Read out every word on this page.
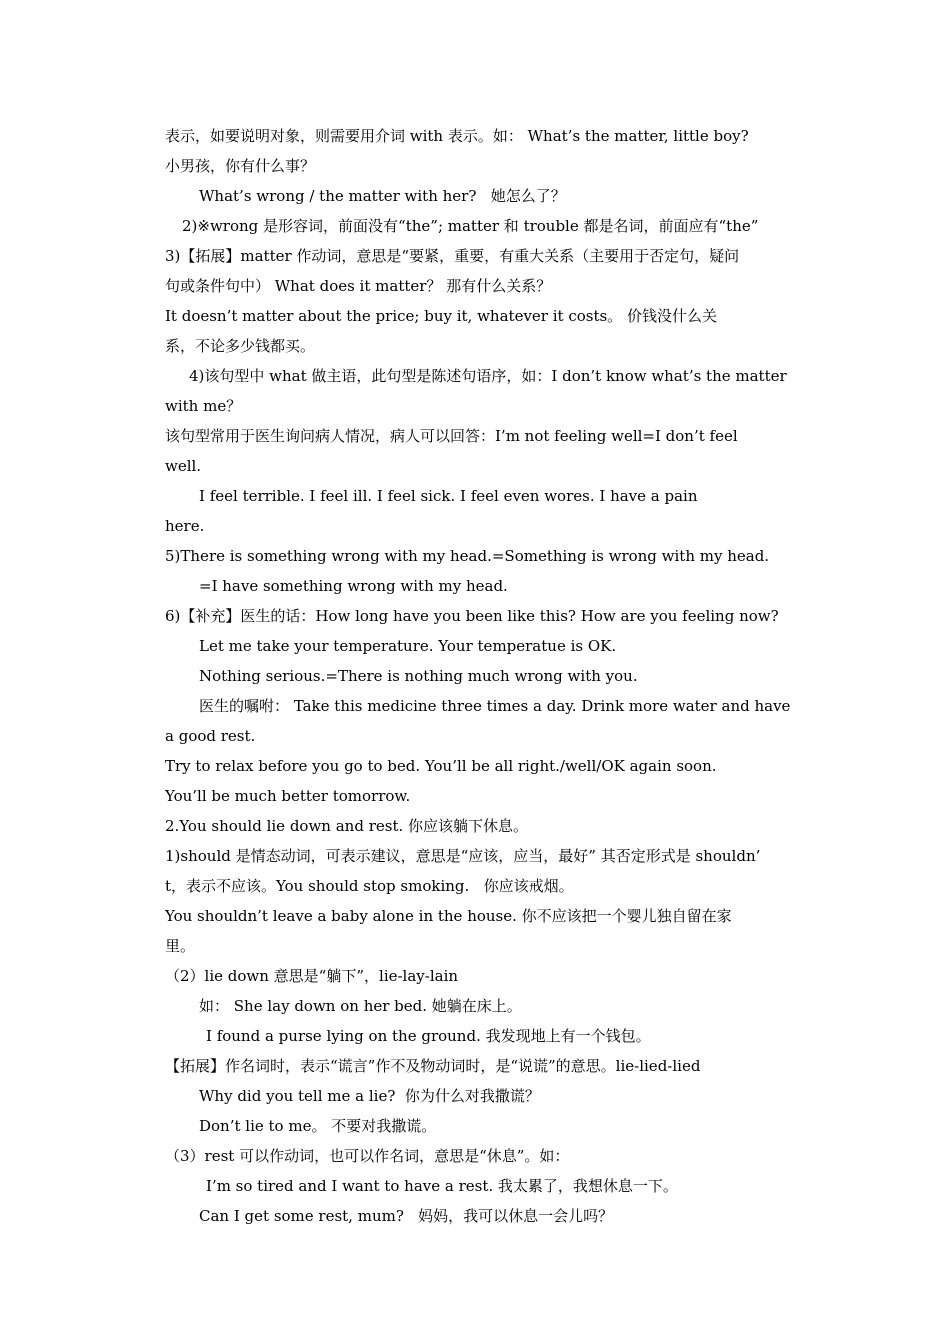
表示，如要说明对象，则需要用介词 with 表示。如： What’s the matter, little boy?
小男孩，你有什么事？
What’s wrong / the matter with her?   她怎么了？
2)※wrong 是形容词，前面没有“the”; matter 和 trouble 都是名词，前面应有“the”
3)【拓展】matter 作动词，意思是“要紧，重要，有重大关系（主要用于否定句，疑问
句或条件句中） What does it matter？ 那有什么关系？
It doesn’t matter about the price; buy it, whatever it costs。 价钱没什么关
系，不论多少钱都买。
4)该句型中 what 做主语，此句型是陈述句语序，如：I don’t know what’s the matter
with me？
该句型常用于医生询问病人情况，病人可以回答：I’m not feeling well=I don’t feel
well.
I feel terrible. I feel ill. I feel sick. I feel even wores. I have a pain
here.
5)There is something wrong with my head.=Something is wrong with my head.
=I have something wrong with my head.
6)【补充】医生的话：How long have you been like this? How are you feeling now?
Let me take your temperature. Your temperatue is OK.
Nothing serious.=There is nothing much wrong with you.
医生的嘱咐： Take this medicine three times a day. Drink more water and have
a good rest.
Try to relax before you go to bed. You’ll be all right./well/OK again soon.
You’ll be much better tomorrow.
2.You should lie down and rest. 你应该躺下休息。
1)should 是情态动词，可表示建议，意思是“应该，应当，最好” 其否定形式是 shouldn’
t，表示不应该。You should stop smoking.   你应该戒烟。
You shouldn’t leave a baby alone in the house. 你不应该把一个婴儿独自留在家
里。
（2）lie down 意思是“躺下”，lie-lay-lain
如： She lay down on her bed. 她躺在床上。
I found a purse lying on the ground. 我发现地上有一个钱包。
【拓展】作名词时，表示“谎言”作不及物动词时，是“说谎”的意思。lie-lied-lied
Why did you tell me a lie?  你为什么对我撒谎？
Don’t lie to me。 不要对我撒谎。
（3）rest 可以作动词，也可以作名词，意思是“休息”。如：
I’m so tired and I want to have a rest. 我太累了，我想休息一下。
Can I get some rest, mum?   妈妈，我可以休息一会儿吗？
